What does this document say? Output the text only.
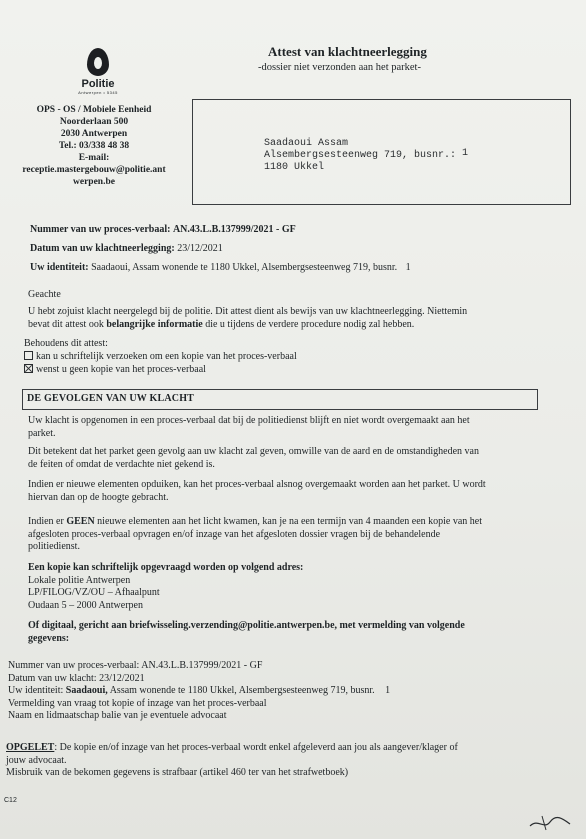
Politie
Antwerpen • 5345
OPS - OS / Mobiele Eenheid
Noorderlaan 500
2030 Antwerpen
Tel.: 03/338 48 38
E-mail:
receptie.mastergebouw@politie.ant
werpen.be
Attest van klachtneerlegging
-dossier niet verzonden aan het parket-
Saadaoui Assam
Alsembergsesteenweg 719, busnr.:
1180 Ukkel
1
Nummer van uw proces-verbaal: AN.43.L.B.137999/2021 - GF
Datum van uw klachtneerlegging: 23/12/2021
Uw identiteit: Saadaoui, Assam wonende te 1180 Ukkel, Alsembergsesteenweg 719, busnr. 1
Geachte
U hebt zojuist klacht neergelegd bij de politie. Dit attest dient als bewijs van uw klachtneerlegging. Niettemin
bevat dit attest ook belangrijke informatie die u tijdens de verdere procedure nodig zal hebben.
Behoudens dit attest:
kan u schriftelijk verzoeken om een kopie van het proces-verbaal
wenst u geen kopie van het proces-verbaal
DE GEVOLGEN VAN UW KLACHT
Uw klacht is opgenomen in een proces-verbaal dat bij de politiedienst blijft en niet wordt overgemaakt aan het
parket.
Dit betekent dat het parket geen gevolg aan uw klacht zal geven, omwille van de aard en de omstandigheden van
de feiten of omdat de verdachte niet gekend is.
Indien er nieuwe elementen opduiken, kan het proces-verbaal alsnog overgemaakt worden aan het parket. U wordt
hiervan dan op de hoogte gebracht.
Indien er GEEN nieuwe elementen aan het licht kwamen, kan je na een termijn van 4 maanden een kopie van het
afgesloten proces-verbaal opvragen en/of inzage van het afgesloten dossier vragen bij de behandelende
politiedienst.
Een kopie kan schriftelijk opgevraagd worden op volgend adres:
Lokale politie Antwerpen
LP/FILOG/VZ/OU – Afhaalpunt
Oudaan 5 – 2000 Antwerpen
Of digitaal, gericht aan briefwisseling.verzending@politie.antwerpen.be, met vermelding van volgende
gegevens:
Nummer van uw proces-verbaal: AN.43.L.B.137999/2021 - GF
Datum van uw klacht: 23/12/2021
Uw identiteit: Saadaoui, Assam wonende te 1180 Ukkel, Alsembergsesteenweg 719, busnr. 1
Vermelding van vraag tot kopie of inzage van het proces-verbaal
Naam en lidmaatschap balie van je eventuele advocaat
OPGELET: De kopie en/of inzage van het proces-verbaal wordt enkel afgeleverd aan jou als aangever/klager of
jouw advocaat.
Misbruik van de bekomen gegevens is strafbaar (artikel 460 ter van het strafwetboek)
C12
